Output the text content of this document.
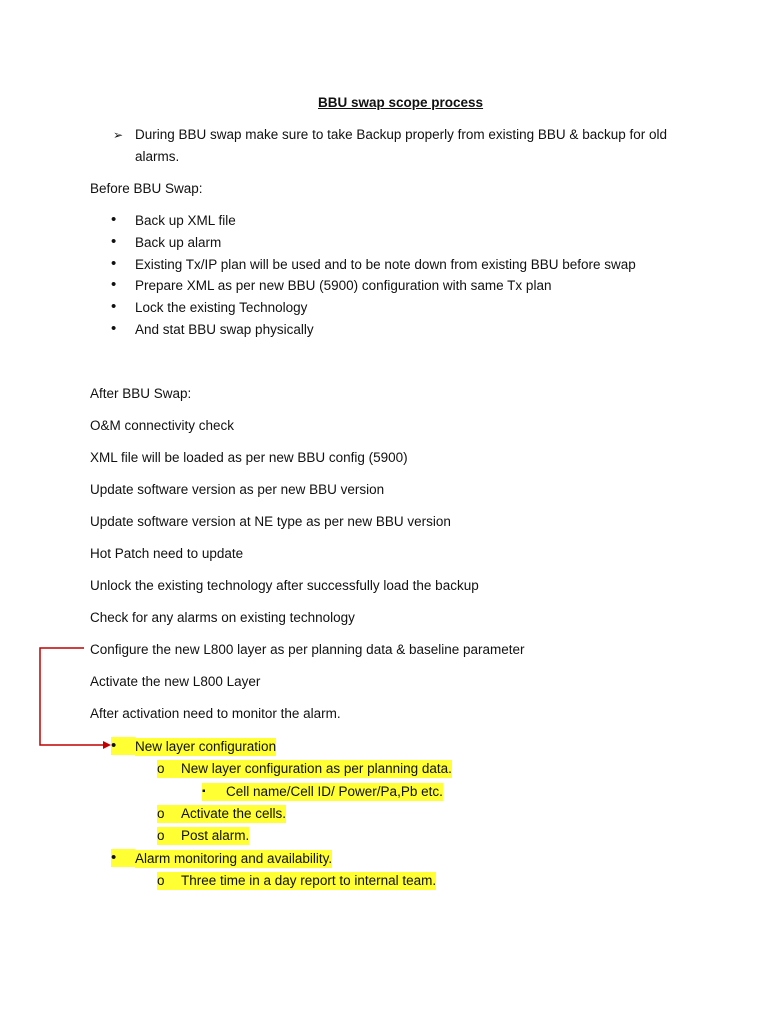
BBU swap scope process
➢ During BBU swap make sure to take Backup properly from existing BBU & backup for old
alarms.
Before BBU Swap:
• Back up XML file
• Back up alarm
• Existing Tx/IP plan will be used and to be note down from existing BBU before swap
• Prepare XML as per new BBU (5900) configuration with same Tx plan
• Lock the existing Technology
• And stat BBU swap physically
After BBU Swap:
O&M connectivity check
XML file will be loaded as per new BBU config (5900)
Update software version as per new BBU version
Update software version at NE type as per new BBU version
Hot Patch need to update
Unlock the existing technology after successfully load the backup
Check for any alarms on existing technology
Configure the new L800 layer as per planning data & baseline parameter
Activate the new L800 Layer
After activation need to monitor the alarm.
•	New layer configuration
o	New layer configuration as per planning data.
▪	Cell name/Cell ID/ Power/Pa,Pb etc.
o	Activate the cells.
o	Post alarm.
•	Alarm monitoring and availability.
o	Three time in a day report to internal team.
